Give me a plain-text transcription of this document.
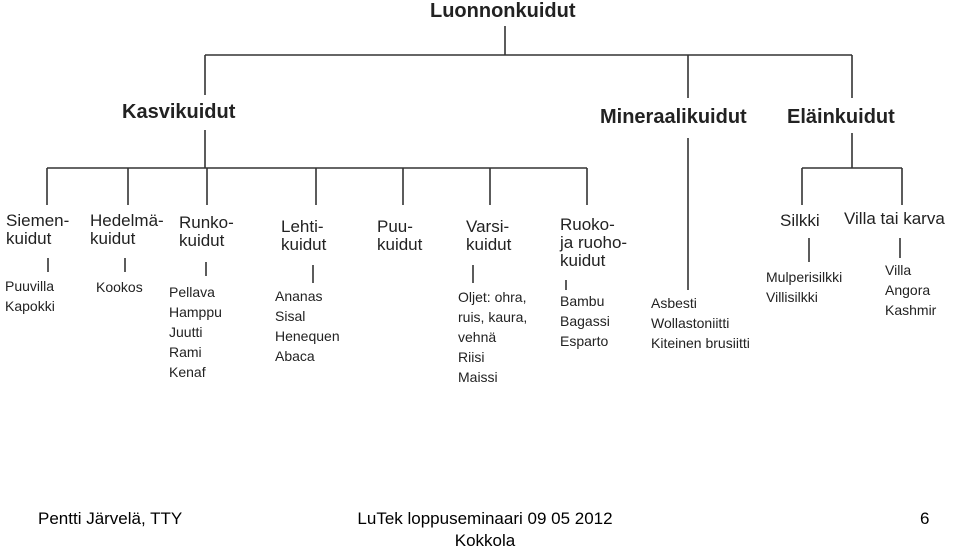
Luonnonkuidut
Kasvikuidut	Mineraalikuidut Eläinkuidut
Siemen-
kuidut
Hedelmä-
kuidut
Runko-
kuidut
Lehti-
kuidut
Puu-
kuidut
Varsi-
kuidut
Ruoko-
ja ruoho-
kuidut
Silkki Villa tai karva
Puuvilla
Kapokki
Kookos Pellava
Hamppu
Juutti
Rami
Kenaf
Ananas
Sisal
Henequen
Abaca
Oljet: ohra,
ruis, kaura,
vehnä
Riisi
Maissi
Bambu
Bagassi
Esparto
Asbesti
Wollastoniitti
Kiteinen brusiitti
Mulperisilkki
Villisilkki
Villa
Angora
Kashmir
Pentti Järvelä, TTY	LuTek loppuseminaari 09 05 2012
Kokkola
6
